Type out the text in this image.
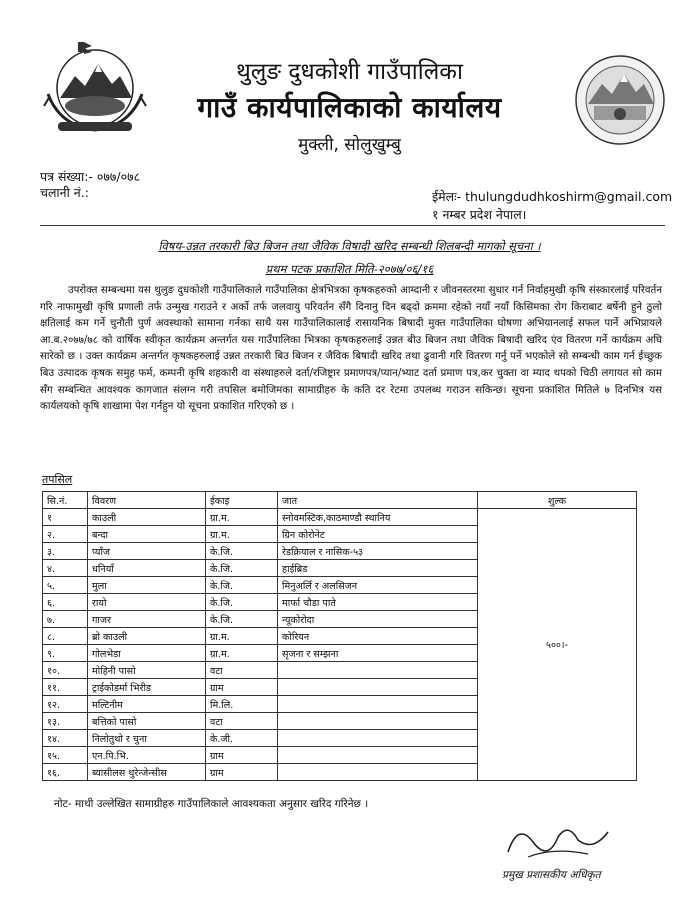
थुलुङ दुधकोशी गाउँपालिका
गाउँ कार्यपालिकाको कार्यालय
मुक्ली, सोलुखुम्बु
पत्र संख्या:- ०७७/०७८
चलानी नं.:	ईमेलः- thulungdudhkoshirm@gmail.com
१ नम्बर प्रदेश नेपाल।
विषय-उन्नत तरकारी बिउ बिजन तथा जैविक विषादी खरिद सम्बन्धी शिलबन्दी मागको सूचना ।
प्रथम पटक प्रकाशित मिति-२०७७/०६/१६
उपरोक्त सम्बन्धमा यस थुलुङ दुधकोशी गाउँपालिकाले गाउँपालिका क्षेत्रभित्रका कृषकहरुको आम्दानी र जीवनस्तरमा सुधार गर्न निर्वाहमुखी कृषि संस्कारलाई परिवर्तन गरि नाफामुखी कृषि प्रणाली तर्फ उन्मुख गराउने र अर्को तर्फ जलवायु परिवर्तन सँगै दिनानु दिन बढ्दो क्रममा रहेको नयाँ नयाँ किसिमका रोग किराबाट बर्षेनी हुने ठुलो क्षतिलाई कम गर्ने चुनौती पुर्ण अवस्थाको सामाना गर्नका साथै यस गाउँपालिकालाई रासायनिक बिषादी मुक्त गाउँपालिका घोषणा अभियानलाई सफल पार्ने अभिप्रायले आ.ब.२०७७/७८ को वार्षिक स्वीकृत कार्यक्रम अन्तर्गत यस गाउँपालिका भित्रका कृषकहरुलाई उन्नत बीउ बिजन तथा जैविक बिषादी खरिद एंव वितरण गर्ने कार्यक्रम अघि सारेको छ । उक्त कार्यक्रम अन्तर्गत कृषकहरुलाई उन्नत तरकारी बिउ बिजन र जैविक बिषादी खरिद तथा ढुवानी गरि वितरण गर्नु पर्ने भएकोले सो सम्बन्धी काम गर्न ईच्छुक बिउ उत्पादक कृषक समुह फर्म, कम्पनी कृषि शहकारी वा संस्थाहरुले दर्ता/रजिष्ट्रार प्रमाणपत्र/प्यान/भ्याट दर्ता प्रमाण पत्र,कर चुक्ता वा म्याद थपको चिठी लगायत सो काम सँग सम्बन्धित आवश्यक कागजात संलग्न गरी तपसिल बमोजिमका सामाग्रीहरु के कति दर रेटमा उपलब्ध गराउन सकिन्छ। सूचना प्रकाशित मितिले ७ दिनभित्र यस कार्यलयको कृषि शाखामा पेश गर्नहुन यो सूचना प्रकाशित गरिएको छ ।
तपसिल
सि.नं.	विवरण	ईकाइ	जात	शुल्क
१	काउली	ग्रा.म.	स्नोवमस्टिक,काठमाण्डौ स्थानिय	५००।-
२.	बन्दा	ग्रा.म.	ग्रिन कोरोनेट	
३.	प्याँज	के.जि.	रेडक्रियाल र नासिक-५३	
४.	धनियाँ	के.जि.	हाईब्रिड	
५.	मुला	के.जि.	मिनुअर्लि र अलसिजन	
६.	रायो	के.जि.	मार्फा चौडा पाते	
७.	गाजर	के.जि.	न्यूकोरोदा	
८.	ब्रो काउली	ग्रा.म.	कोरियन	
९.	गोलभेडा	ग्रा.म.	सृजना र सम्झना	
१०.	मोहिनी पासो	वटा		
११.	ट्राईकोडर्मा भिरीड	ग्राम		
१२.	मल्टिनीम	मि.लि.		
१३.	बत्तिको पासो	वटा		
१४.	निलोतुथो र चुना	के.जी.		
१५.	एन.पि.भि.	ग्राम		
१६.	ब्यासीलस थुरेन्जेन्सीस	ग्राम		
नोट- माथी उल्लेखित सामाग्रीहरु गाउँपालिकाले आवश्यकता अनुसार खरिद गरिनेछ ।
प्रमुख प्रशासकीय अधिकृत
